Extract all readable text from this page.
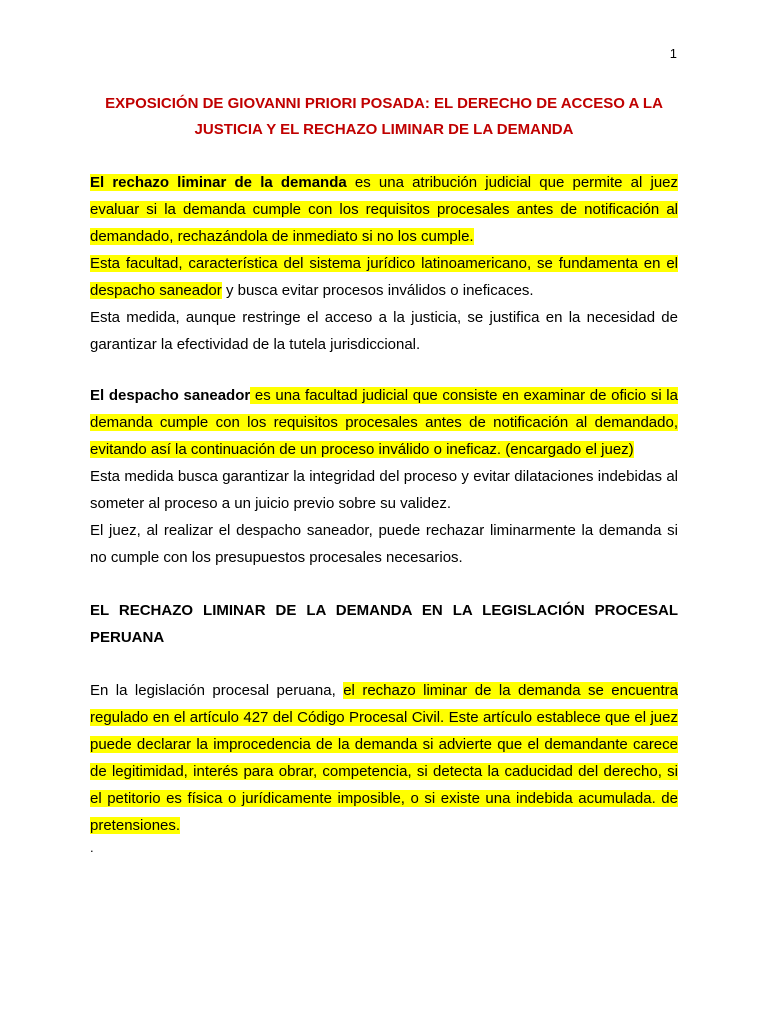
1
EXPOSICIÓN DE GIOVANNI PRIORI POSADA: EL DERECHO DE ACCESO A LA JUSTICIA Y EL RECHAZO LIMINAR DE LA DEMANDA

El rechazo liminar de la demanda es una atribución judicial que permite al juez evaluar si la demanda cumple con los requisitos procesales antes de notificación al demandado, rechazándola de inmediato si no los cumple.

Esta facultad, característica del sistema jurídico latinoamericano, se fundamenta en el despacho saneador y busca evitar procesos inválidos o ineficaces.

Esta medida, aunque restringe el acceso a la justicia, se justifica en la necesidad de garantizar la efectividad de la tutela jurisdiccional.

El despacho saneador es una facultad judicial que consiste en examinar de oficio si la demanda cumple con los requisitos procesales antes de notificación al demandado, evitando así la continuación de un proceso inválido o ineficaz. (encargado el juez)

Esta medida busca garantizar la integridad del proceso y evitar dilataciones indebidas al someter al proceso a un juicio previo sobre su validez.

El juez, al realizar el despacho saneador, puede rechazar liminarmente la demanda si no cumple con los presupuestos procesales necesarios.

EL RECHAZO LIMINAR DE LA DEMANDA EN LA LEGISLACIÓN PROCESAL PERUANA

En la legislación procesal peruana, el rechazo liminar de la demanda se encuentra regulado en el artículo 427 del Código Procesal Civil. Este artículo establece que el juez puede declarar la improcedencia de la demanda si advierte que el demandante carece de legitimidad, interés para obrar, competencia, si detecta la caducidad del derecho, si el petitorio es física o jurídicamente imposible, o si existe una indebida acumulada. de pretensiones.

.
